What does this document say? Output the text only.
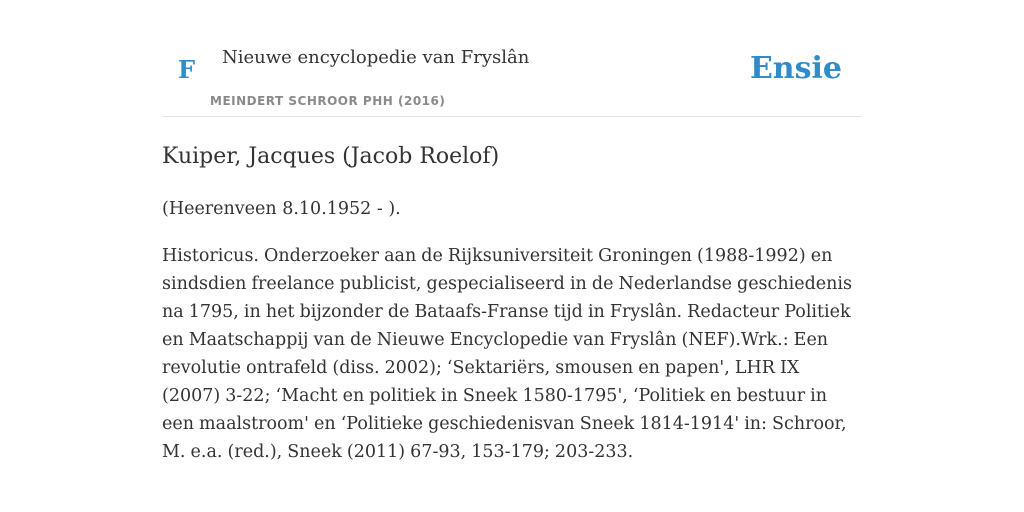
F Nieuwe encyclopedie van Fryslân
MEINDERT SCHROOR PHH (2016)
Ensie
Kuiper, Jacques (Jacob Roelof)

(Heerenveen 8.10.1952 - ).

Historicus. Onderzoeker aan de Rijksuniversiteit Groningen (1988-1992) en sindsdien freelance publicist, gespecialiseerd in de Nederlandse geschiedenis na 1795, in het bijzonder de Bataafs-Franse tijd in Fryslân. Redacteur Politiek en Maatschappij van de Nieuwe Encyclopedie van Fryslân (NEF).Wrk.: Een revolutie ontrafeld (diss. 2002); ‘Sektariërs, smousen en papen', LHR IX (2007) 3-22; ‘Macht en politiek in Sneek 1580-1795', ‘Politiek en bestuur in een maalstroom' en ‘Politieke geschiedenisvan Sneek 1814-1914' in: Schroor, M. e.a. (red.), Sneek (2011) 67-93, 153-179; 203-233.
